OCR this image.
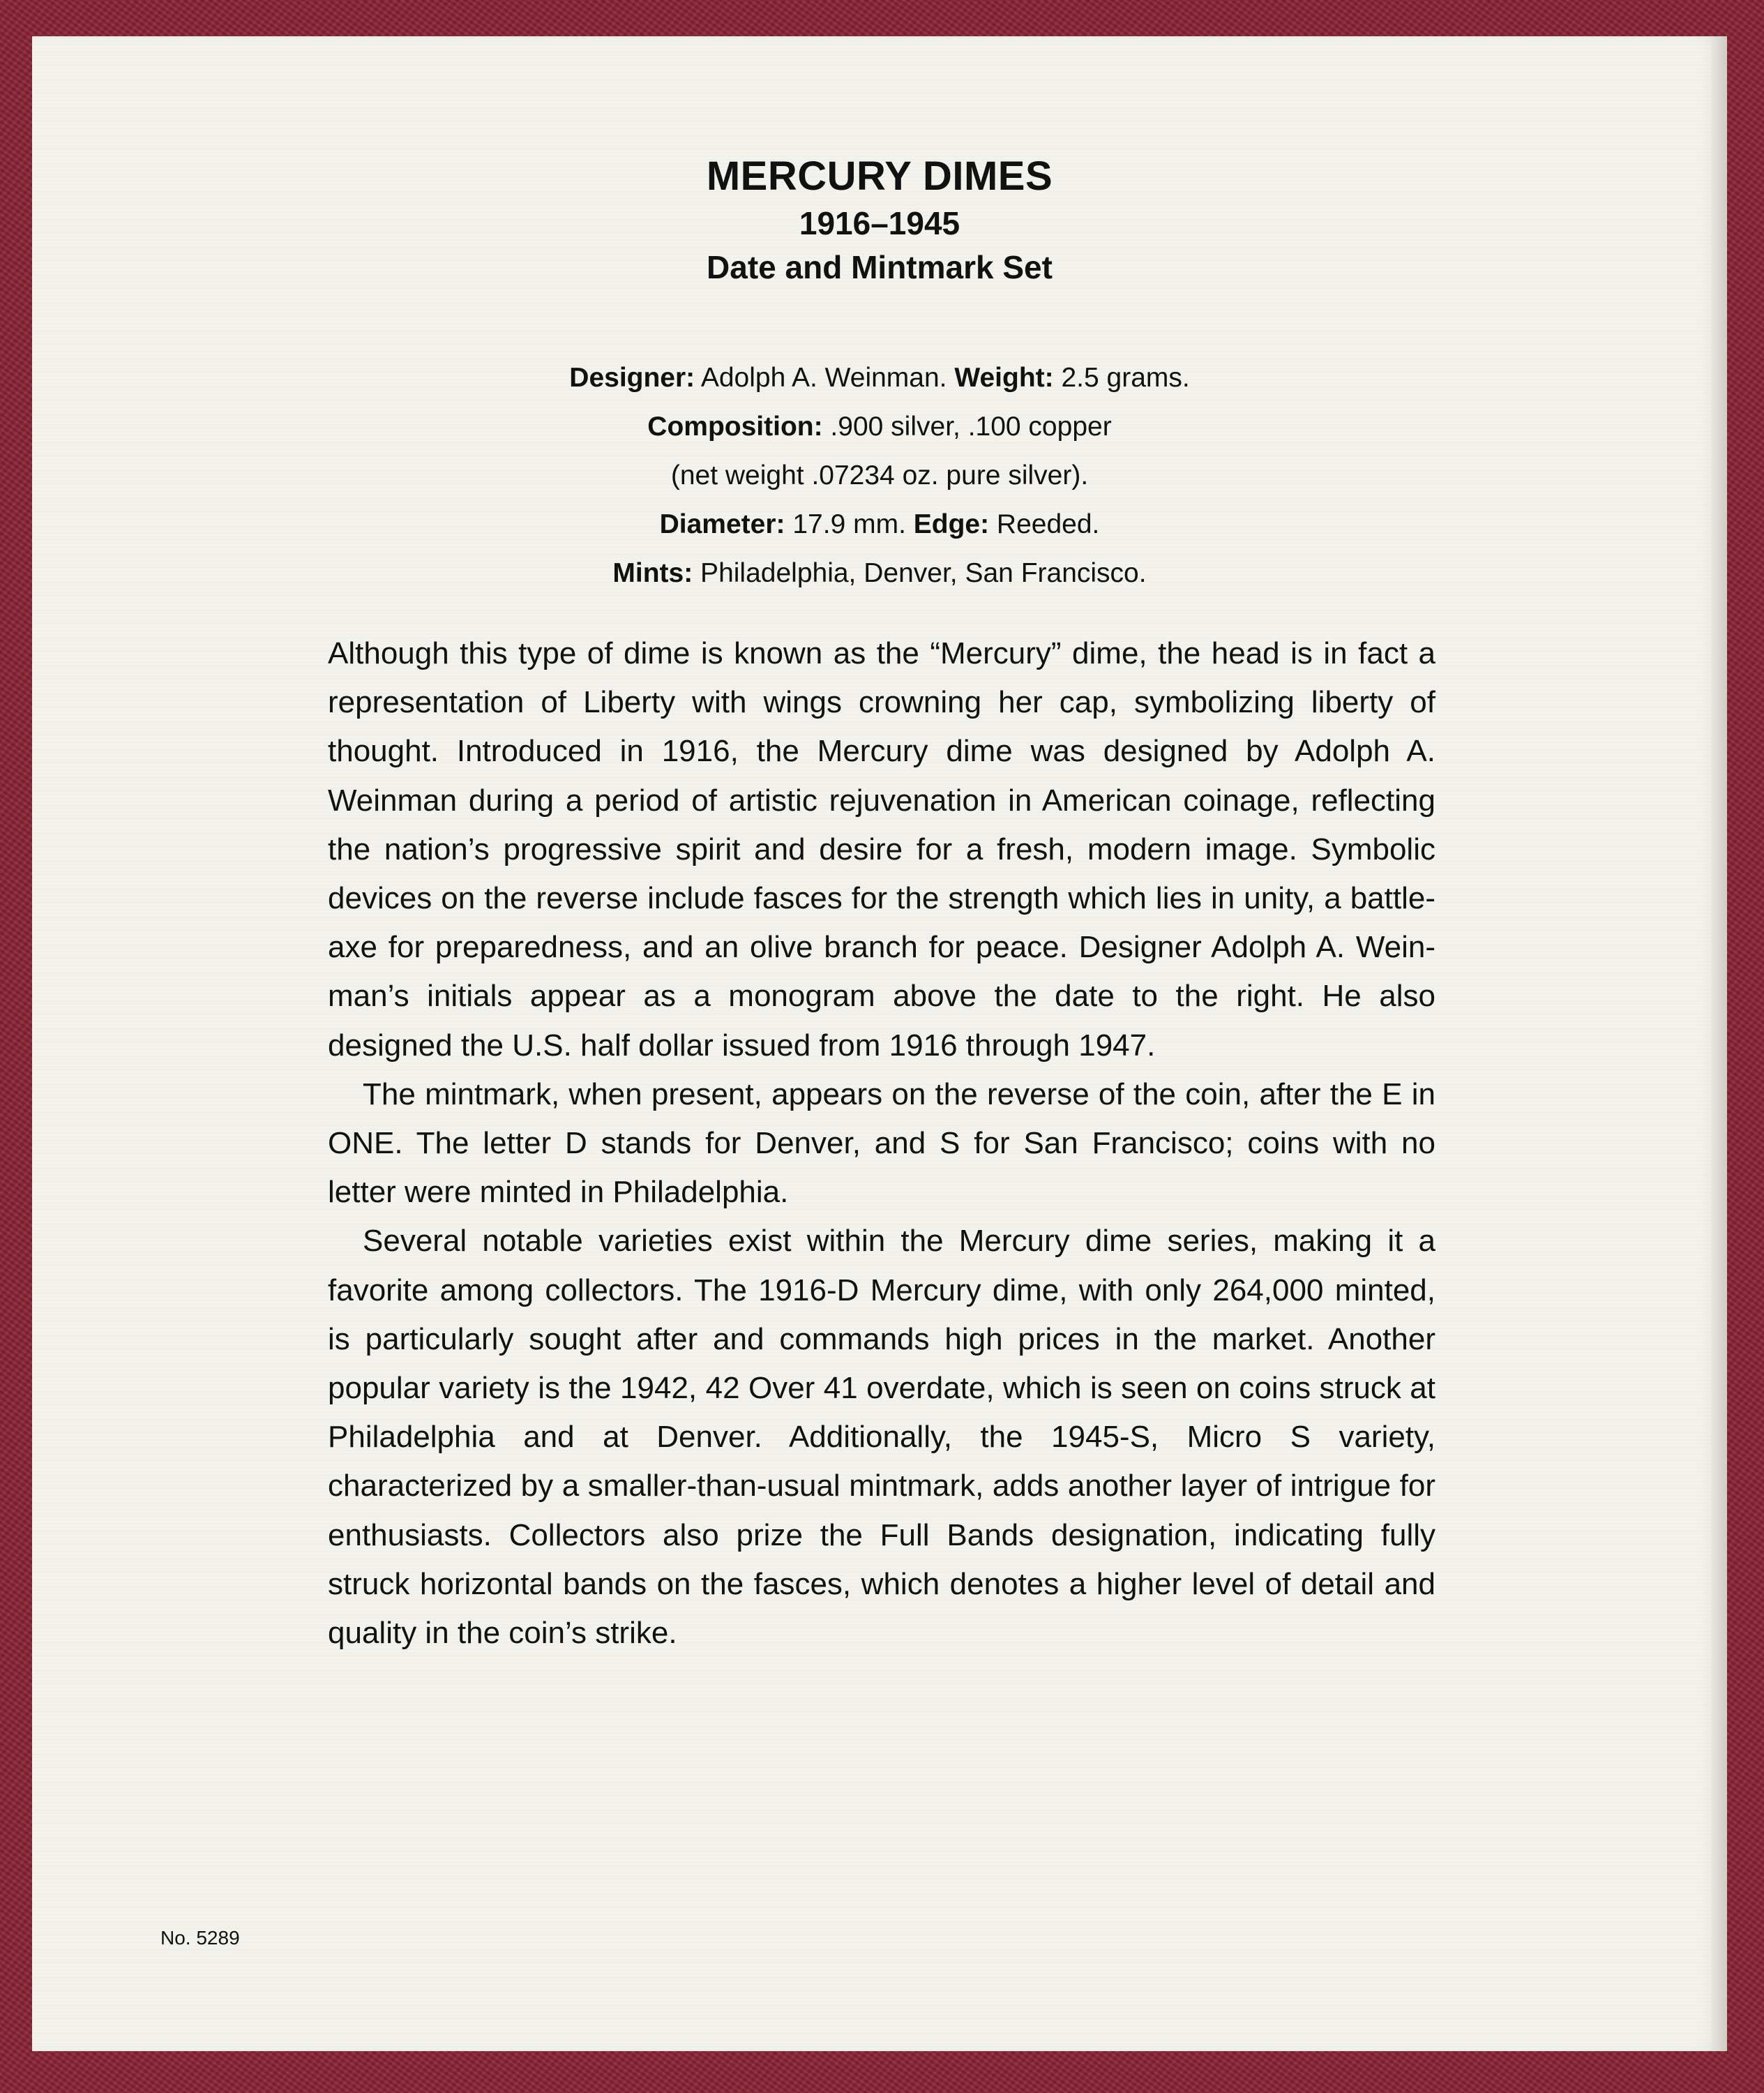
MERCURY DIMES
1916–1945
Date and Mintmark Set
Designer: Adolph A. Weinman. Weight: 2.5 grams.
Composition: .900 silver, .100 copper
(net weight .07234 oz. pure silver).
Diameter: 17.9 mm. Edge: Reeded.
Mints: Philadelphia, Denver, San Francisco.

Although this type of dime is known as the “Mercury” dime, the head is in fact a representation of Liberty with wings crowning her cap, symbolizing liberty of thought. Introduced in 1916, the Mercury dime was designed by Adolph A. Weinman during a period of artistic rejuvenation in American coinage, reflecting the nation’s progressive spirit and desire for a fresh, modern image. Symbolic devices on the reverse include fasces for the strength which lies in unity, a battle-axe for preparedness, and an olive branch for peace. Designer Adolph A. Weinman’s initials appear as a monogram above the date to the right. He also designed the U.S. half dollar issued from 1916 through 1947.

The mintmark, when present, appears on the reverse of the coin, after the E in ONE. The letter D stands for Denver, and S for San Francisco; coins with no letter were minted in Philadelphia.

Several notable varieties exist within the Mercury dime series, making it a favorite among collectors. The 1916-D Mercury dime, with only 264,000 minted, is particularly sought after and commands high prices in the market. Another popular variety is the 1942, 42 Over 41 overdate, which is seen on coins struck at Philadelphia and at Denver. Additionally, the 1945-S, Micro S variety, characterized by a smaller-than-usual mintmark, adds another layer of intrigue for enthusiasts. Collectors also prize the Full Bands designation, indicating fully struck horizontal bands on the fasces, which denotes a higher level of detail and quality in the coin’s strike.

No. 5289
